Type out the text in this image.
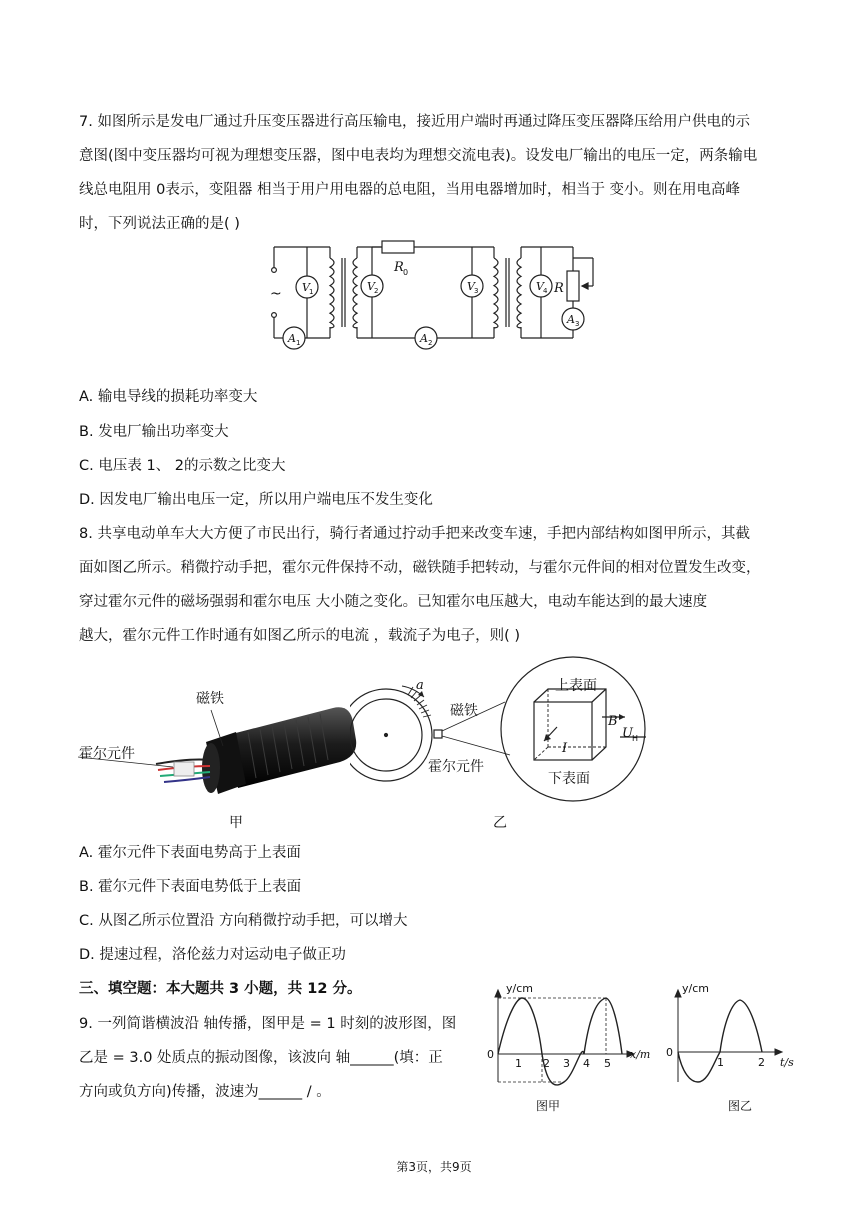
7. 如图所示是发电厂通过升压变压器进行高压输电，接近用户端时再通过降压变压器降压给用户供电的示
意图(图中变压器均可视为理想变压器，图中电表均为理想交流电表)。设发电厂输出的电压一定，两条输电
线总电阻用 0表示，变阻器 相当于用户用电器的总电阻，当用电器增加时，相当于 变小。则在用电高峰
时，下列说法正确的是( )
~ V 1
A 1
V 2
R 0
A 2
V 3	V 4 R
A 3
A. 输电导线的损耗功率变大
B. 发电厂输出功率变大
C. 电压表 1、 2的示数之比变大
D. 因发电厂输出电压一定，所以用户端电压不发生变化
8. 共享电动单车大大方便了市民出行，骑行者通过拧动手把来改变车速，手把内部结构如图甲所示，其截
面如图乙所示。稍微拧动手把，霍尔元件保持不动，磁铁随手把转动，与霍尔元件间的相对位置发生改变，
穿过霍尔元件的磁场强弱和霍尔电压 大小随之变化。已知霍尔电压越大，电动车能达到的最大速度
越大，霍尔元件工作时通有如图乙所示的电流 ，载流子为电子，则( )
磁铁
霍尔元件
甲
a
B
U H
I
磁铁
霍尔元件
上表面
下表面
乙
A. 霍尔元件下表面电势高于上表面
B. 霍尔元件下表面电势低于上表面
C. 从图乙所示位置沿 方向稍微拧动手把，可以增大
D. 提速过程，洛伦兹力对运动电子做正功
三、填空题：本大题共 3 小题，共 12 分。
9. 一列简谐横波沿 轴传播，图甲是 = 1 时刻的波形图，图
乙是 = 3.0 处质点的振动图像，该波向 轴______(填：正
方向或负方向)传播，波速为______ / 。
y/cm
x/m
0
1 2 3 4 5
图甲
y/cm
t/s
0
1	2
图乙
第3页，共9页
